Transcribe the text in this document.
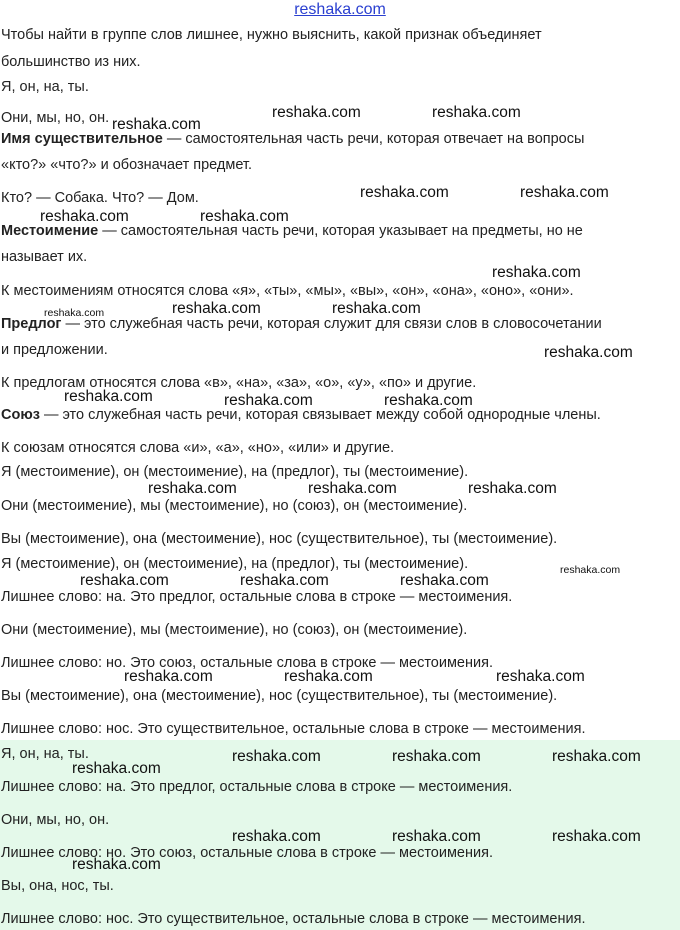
reshaka.com
Чтобы найти в группе слов лишнее, нужно выяснить, какой признак объединяет
большинство из них.
Я, он, на, ты.
Они, мы, но, он.
Имя существительное — самостоятельная часть речи, которая отвечает на вопросы
«кто?» «что?» и обозначает предмет.
Кто? — Собака. Что? — Дом.
Местоимение — самостоятельная часть речи, которая указывает на предметы, но не
называет их.
К местоимениям относятся слова «я», «ты», «мы», «вы», «он», «она», «оно», «они».
Предлог — это служебная часть речи, которая служит для связи слов в словосочетании
и предложении.
К предлогам относятся слова «в», «на», «за», «о», «у», «по» и другие.
Союз — это служебная часть речи, которая связывает между собой однородные члены.
К союзам относятся слова «и», «а», «но», «или» и другие.
Я (местоимение), он (местоимение), на (предлог), ты (местоимение).
Они (местоимение), мы (местоимение), но (союз), он (местоимение).
Вы (местоимение), она (местоимение), нос (существительное), ты (местоимение).
Я (местоимение), он (местоимение), на (предлог), ты (местоимение).
Лишнее слово: на. Это предлог, остальные слова в строке — местоимения.
Они (местоимение), мы (местоимение), но (союз), он (местоимение).
Лишнее слово: но. Это союз, остальные слова в строке — местоимения.
Вы (местоимение), она (местоимение), нос (существительное), ты (местоимение).
Лишнее слово: нос. Это существительное, остальные слова в строке — местоимения.
Я, он, на, ты.
Лишнее слово: на. Это предлог, остальные слова в строке — местоимения.
Они, мы, но, он.
Лишнее слово: но. Это союз, остальные слова в строке — местоимения.
Вы, она, нос, ты.
Лишнее слово: нос. Это существительное, остальные слова в строке — местоимения.
reshaka.com	reshaka.com
reshaka.com
reshaka.com	reshaka.com
reshaka.com	reshaka.com
reshaka.com
reshaka.com	reshaka.com	reshaka.com
reshaka.com
reshaka.com	reshaka.com	reshaka.com
reshaka.com	reshaka.com	reshaka.com
reshaka.com
reshaka.com	reshaka.com	reshaka.com
reshaka.com	reshaka.com	reshaka.com
reshaka.com	reshaka.com	reshaka.com
reshaka.com
reshaka.com	reshaka.com	reshaka.com
reshaka.com
